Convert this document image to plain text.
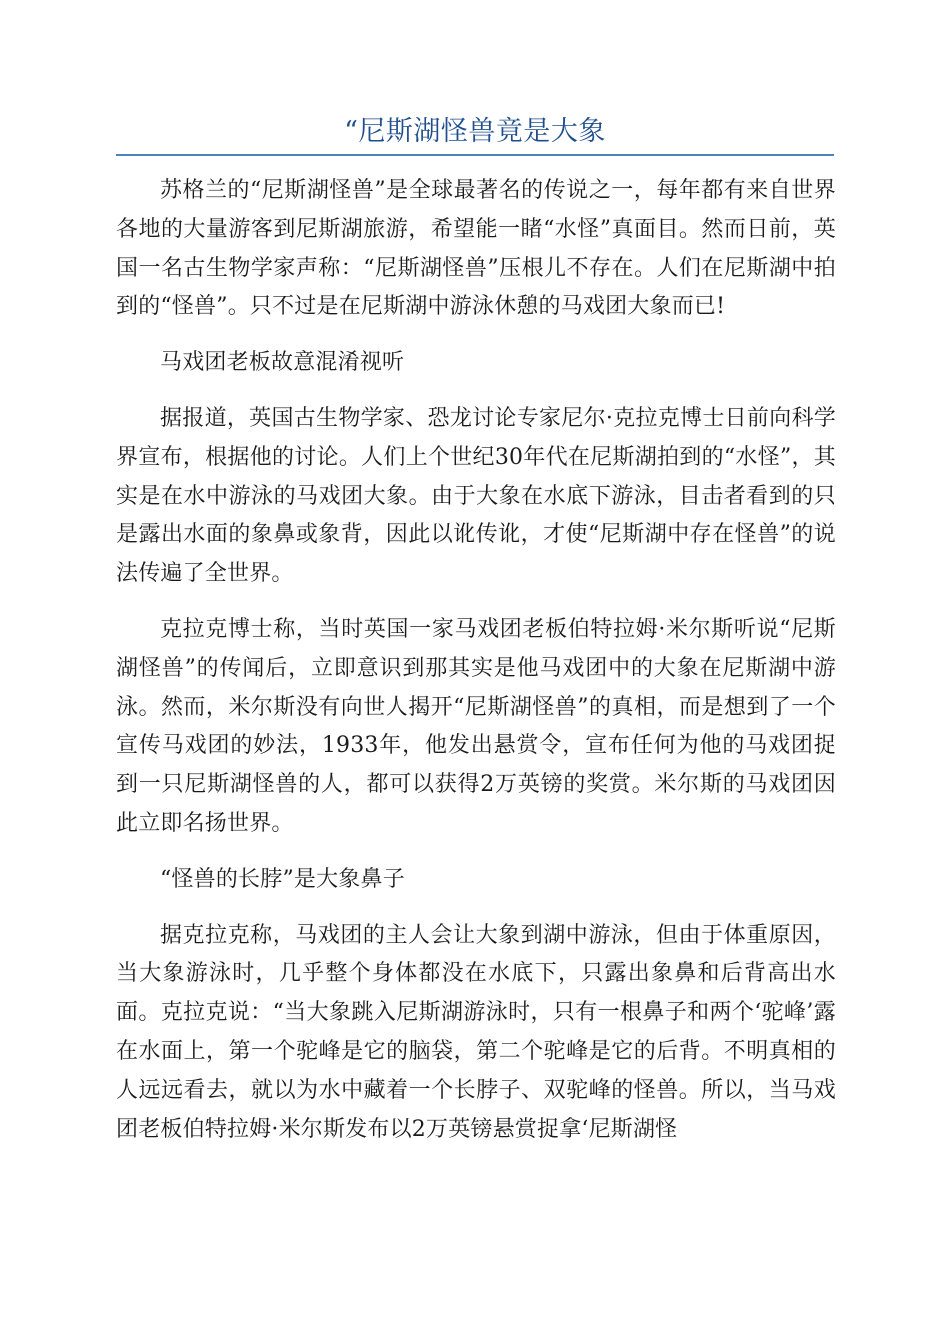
“尼斯湖怪兽竟是大象

苏格兰的“尼斯湖怪兽”是全球最著名的传说之一，每年都有来自世界各地的大量游客到尼斯湖旅游，希望能一睹“水怪”真面目。然而日前，英国一名古生物学家声称：“尼斯湖怪兽”压根儿不存在。人们在尼斯湖中拍到的“怪兽”。只不过是在尼斯湖中游泳休憩的马戏团大象而已!

马戏团老板故意混淆视听

据报道，英国古生物学家、恐龙讨论专家尼尔·克拉克博士日前向科学界宣布，根据他的讨论。人们上个世纪30年代在尼斯湖拍到的“水怪”，其实是在水中游泳的马戏团大象。由于大象在水底下游泳，目击者看到的只是露出水面的象鼻或象背，因此以讹传讹，才使“尼斯湖中存在怪兽”的说法传遍了全世界。

克拉克博士称，当时英国一家马戏团老板伯特拉姆·米尔斯听说“尼斯湖怪兽”的传闻后，立即意识到那其实是他马戏团中的大象在尼斯湖中游泳。然而，米尔斯没有向世人揭开“尼斯湖怪兽”的真相，而是想到了一个宣传马戏团的妙法，1933年，他发出悬赏令，宣布任何为他的马戏团捉到一只尼斯湖怪兽的人，都可以获得2万英镑的奖赏。米尔斯的马戏团因此立即名扬世界。

“怪兽的长脖”是大象鼻子

据克拉克称，马戏团的主人会让大象到湖中游泳，但由于体重原因，当大象游泳时，几乎整个身体都没在水底下，只露出象鼻和后背高出水面。克拉克说：“当大象跳入尼斯湖游泳时，只有一根鼻子和两个‘驼峰’露在水面上，第一个驼峰是它的脑袋，第二个驼峰是它的后背。不明真相的人远远看去，就以为水中藏着一个长脖子、双驼峰的怪兽。所以，当马戏团老板伯特拉姆·米尔斯发布以2万英镑悬赏捉拿‘尼斯湖怪
